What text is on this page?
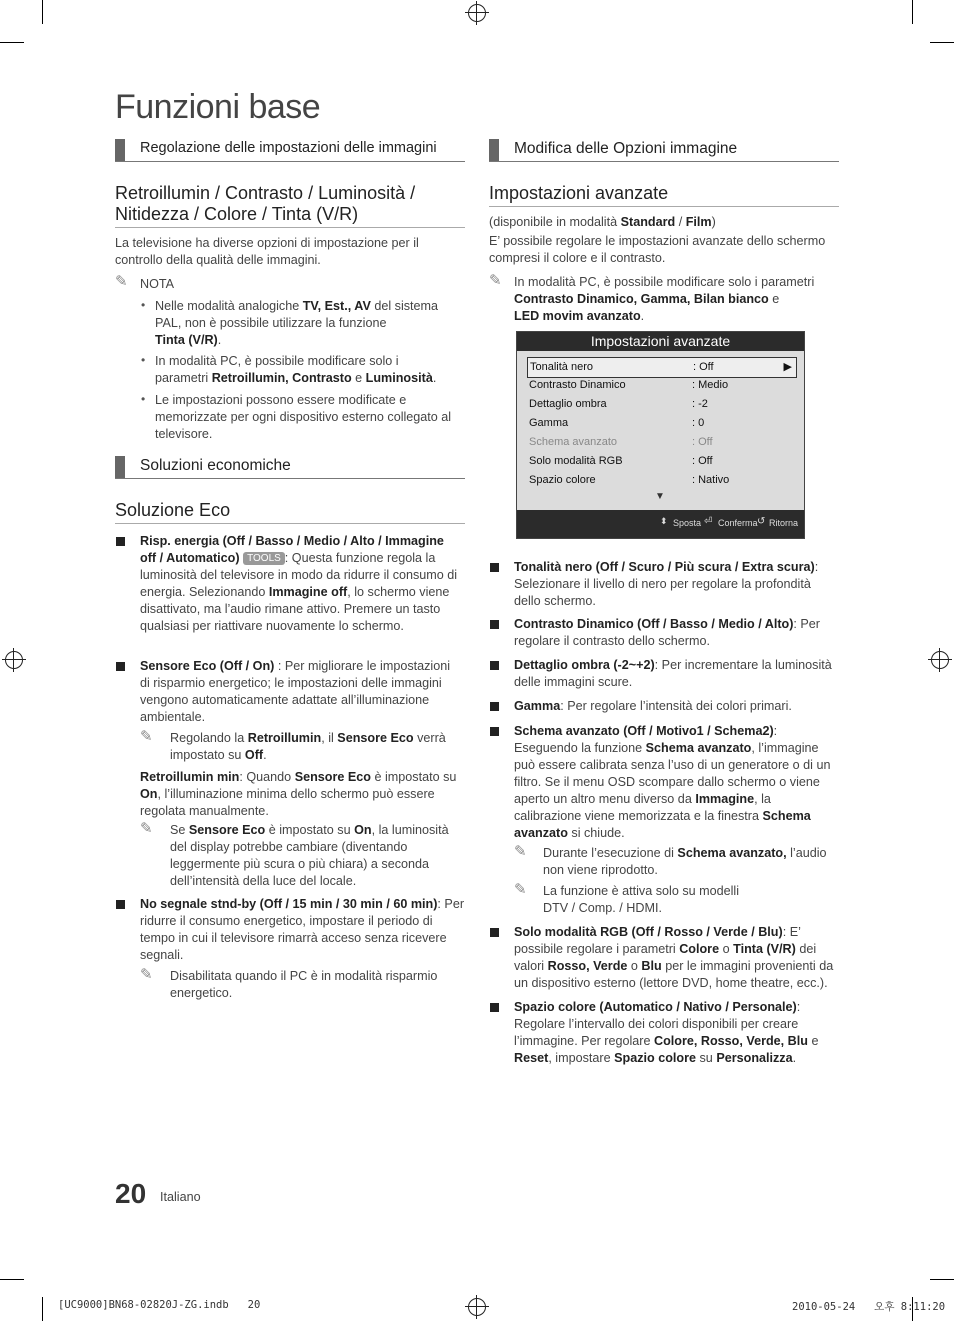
Funzioni base
Regolazione delle impostazioni delle immagini
Retroillumin / Contrasto / Luminosità /
Nitidezza / Colore / Tinta (V/R)
La televisione ha diverse opzioni di impostazione per il controllo della qualità delle immagini.
✎ NOTA
• Nelle modalità analogiche TV, Est., AV del sistema PAL, non è possibile utilizzare la funzione
Tinta (V/R).
• In modalità PC, è possibile modificare solo i parametri Retroillumin, Contrasto e Luminosità.
• Le impostazioni possono essere modificate e memorizzate per ogni dispositivo esterno collegato al televisore.
Soluzioni economiche
Soluzione Eco
Risp. energia (Off / Basso / Medio / Alto / Immagine off / Automatico) TOOLS : Questa funzione regola la luminosità del televisore in modo da ridurre il consumo di energia. Selezionando Immagine off, lo schermo viene disattivato, ma l’audio rimane attivo. Premere un tasto qualsiasi per riattivare nuovamente lo schermo.
Sensore Eco (Off / On) : Per migliorare le impostazioni di risparmio energetico; le impostazioni delle immagini vengono automaticamente adattate all’illuminazione ambientale.
✎ Regolando la Retroillumin, il Sensore Eco verrà impostato su Off.
Retroillumin min: Quando Sensore Eco è impostato su On, l’illuminazione minima dello schermo può essere regolata manualmente.
✎ Se Sensore Eco è impostato su On, la luminosità del display potrebbe cambiare (diventando leggermente più scura o più chiara) a seconda dell’intensità della luce del locale.
No segnale stnd-by (Off / 15 min / 30 min / 60 min): Per ridurre il consumo energetico, impostare il periodo di tempo in cui il televisore rimarrà acceso senza ricevere segnali.
✎ Disabilitata quando il PC è in modalità risparmio energetico.
Modifica delle Opzioni immagine
Impostazioni avanzate
(disponibile in modalità Standard / Film)
E’ possibile regolare le impostazioni avanzate dello schermo compresi il colore e il contrasto.
✎ In modalità PC, è possibile modificare solo i parametri Contrasto Dinamico, Gamma, Bilan bianco e
LED movim avanzato.
Impostazioni avanzate
Tonalità nero	: Off	▶
Contrasto Dinamico	: Medio
Dettaglio ombra	: -2
Gamma	: 0
Schema avanzato	: Off
Solo modalità RGB	: Off
Spazio colore	: Nativo
▼
⬍ Sposta ⏎ Conferma ↺ Ritorna
Tonalità nero (Off / Scuro / Più scura / Extra scura): Selezionare il livello di nero per regolare la profondità dello schermo.
Contrasto Dinamico (Off / Basso / Medio / Alto): Per regolare il contrasto dello schermo.
Dettaglio ombra (-2~+2): Per incrementare la luminosità delle immagini scure.
Gamma: Per regolare l’intensità dei colori primari.
Schema avanzato (Off / Motivo1 / Schema2): Eseguendo la funzione Schema avanzato, l’immagine può essere calibrata senza l’uso di un generatore o di un filtro. Se il menu OSD scompare dallo schermo o viene aperto un altro menu diverso da Immagine, la calibrazione viene memorizzata e la finestra Schema avanzato si chiude.
✎ Durante l’esecuzione di Schema avanzato, l’audio non viene riprodotto.
✎ La funzione è attiva solo su modelli DTV / Comp. / HDMI.
Solo modalità RGB (Off / Rosso / Verde / Blu): E’ possibile regolare i parametri Colore o Tinta (V/R) dei valori Rosso, Verde o Blu per le immagini provenienti da un dispositivo esterno (lettore DVD, home theatre, ecc.).
Spazio colore (Automatico / Nativo / Personale): Regolare l’intervallo dei colori disponibili per creare l’immagine. Per regolare Colore, Rosso, Verde, Blu e Reset, impostare Spazio colore su Personalizza.
20 Italiano
[UC9000]BN68-02820J-ZG.indb   20	2010-05-24   오후 8:11:20
